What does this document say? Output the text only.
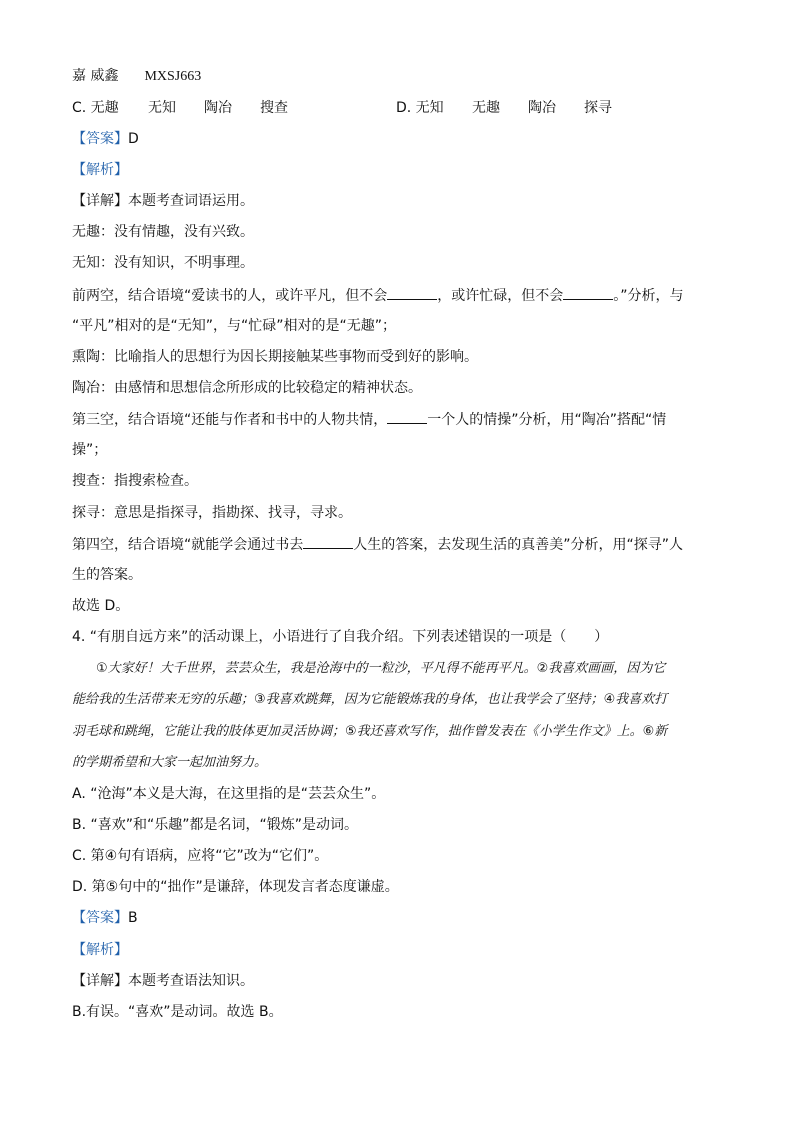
嘉 威鑫 MXSJ663
C. 无趣 无知 陶冶 搜查	D. 无知 无趣 陶冶 探寻
【答案】D
【解析】
【详解】本题考查词语运用。
无趣：没有情趣，没有兴致。
无知：没有知识，不明事理。
前两空，结合语境“爱读书的人，或许平凡，但不会	，或许忙碌，但不会	。”分析，与
“平凡”相对的是“无知”，与“忙碌”相对的是“无趣”；
熏陶：比喻指人的思想行为因长期接触某些事物而受到好的影响。
陶冶：由感情和思想信念所形成的比较稳定的精神状态。
第三空，结合语境“还能与作者和书中的人物共情，	一个人的情操”分析，用“陶冶”搭配“情
操”；
搜查：指搜索检查。
探寻：意思是指探寻，指勘探、找寻，寻求。
第四空，结合语境“就能学会通过书去	人生的答案，去发现生活的真善美”分析，用“探寻”人
生的答案。
故选 D。
4. “有朋自远方来”的活动课上，小语进行了自我介绍。下列表述错误的一项是（　　）
①大家好！大千世界，芸芸众生，我是沧海中的一粒沙，平凡得不能再平凡。②我喜欢画画，因为它
能给我的生活带来无穷的乐趣；③我喜欢跳舞，因为它能锻炼我的身体，也让我学会了坚持；④我喜欢打
羽毛球和跳绳，它能让我的肢体更加灵活协调；⑤我还喜欢写作，拙作曾发表在《小学生作文》上。⑥新
的学期希望和大家一起加油努力。
A. “沧海”本义是大海，在这里指的是“芸芸众生”。
B. “喜欢”和“乐趣”都是名词，“锻炼”是动词。
C. 第④句有语病，应将“它”改为“它们”。
D. 第⑤句中的“拙作”是谦辞，体现发言者态度谦虚。
【答案】B
【解析】
【详解】本题考查语法知识。
B.有误。“喜欢”是动词。故选 B。
